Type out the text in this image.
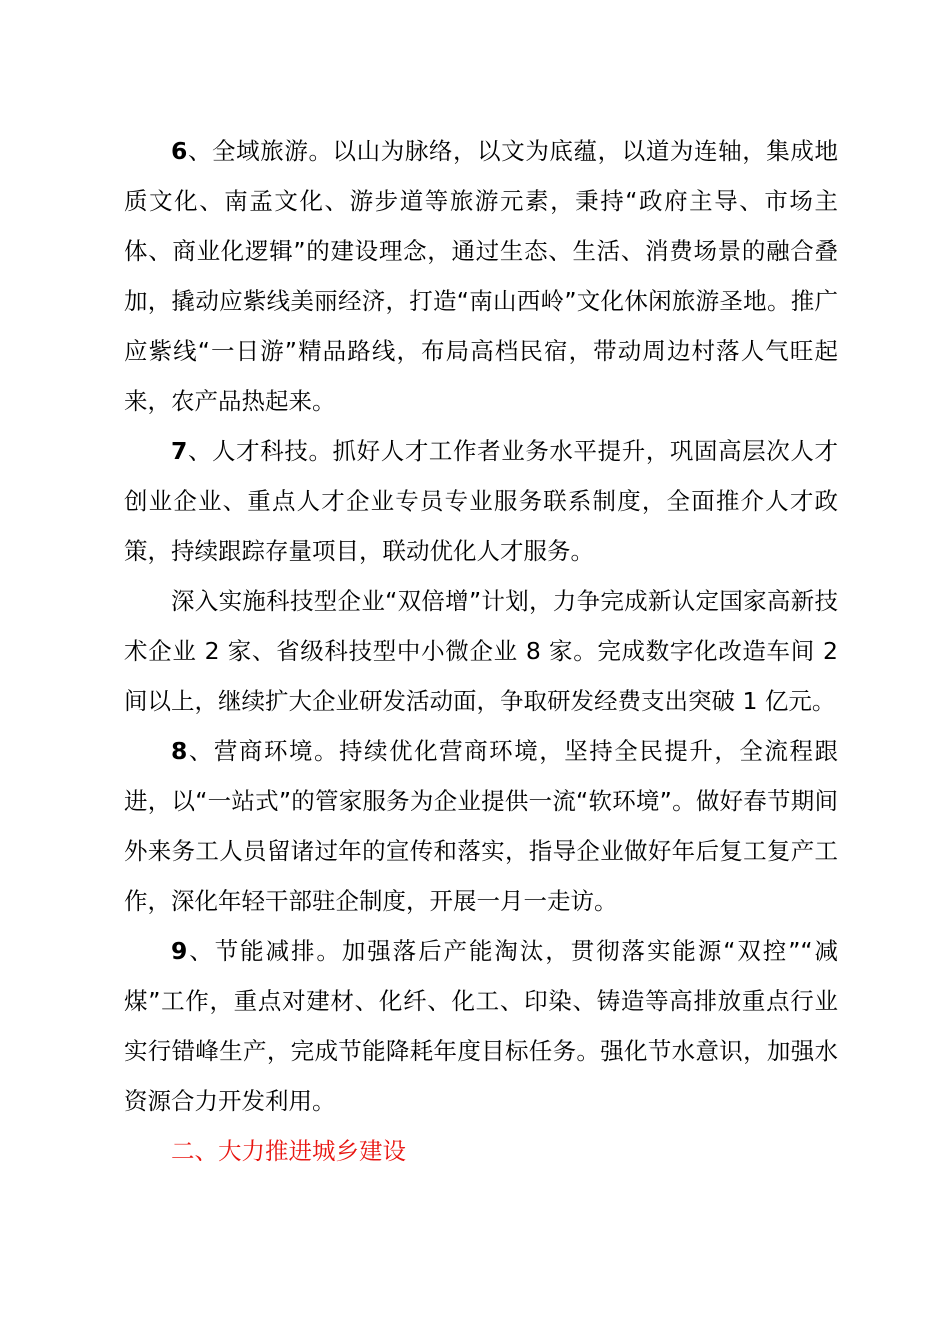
6、全域旅游。以山为脉络，以文为底蕴，以道为连轴，集成地质文化、南孟文化、游步道等旅游元素，秉持“政府主导、市场主体、商业化逻辑”的建设理念，通过生态、生活、消费场景的融合叠加，撬动应紫线美丽经济，打造“南山西岭”文化休闲旅游圣地。推广应紫线“一日游”精品路线，布局高档民宿，带动周边村落人气旺起来，农产品热起来。

7、人才科技。抓好人才工作者业务水平提升，巩固高层次人才创业企业、重点人才企业专员专业服务联系制度，全面推介人才政策，持续跟踪存量项目，联动优化人才服务。

深入实施科技型企业“双倍增”计划，力争完成新认定国家高新技术企业 2 家、省级科技型中小微企业 8 家。完成数字化改造车间 2 间以上，继续扩大企业研发活动面，争取研发经费支出突破 1 亿元。

8、营商环境。持续优化营商环境，坚持全民提升，全流程跟进，以“一站式”的管家服务为企业提供一流“软环境”。做好春节期间外来务工人员留诸过年的宣传和落实，指导企业做好年后复工复产工作，深化年轻干部驻企制度，开展一月一走访。

9、节能减排。加强落后产能淘汰，贯彻落实能源“双控”“减煤”工作，重点对建材、化纤、化工、印染、铸造等高排放重点行业实行错峰生产，完成节能降耗年度目标任务。强化节水意识，加强水资源合力开发利用。

二、大力推进城乡建设
